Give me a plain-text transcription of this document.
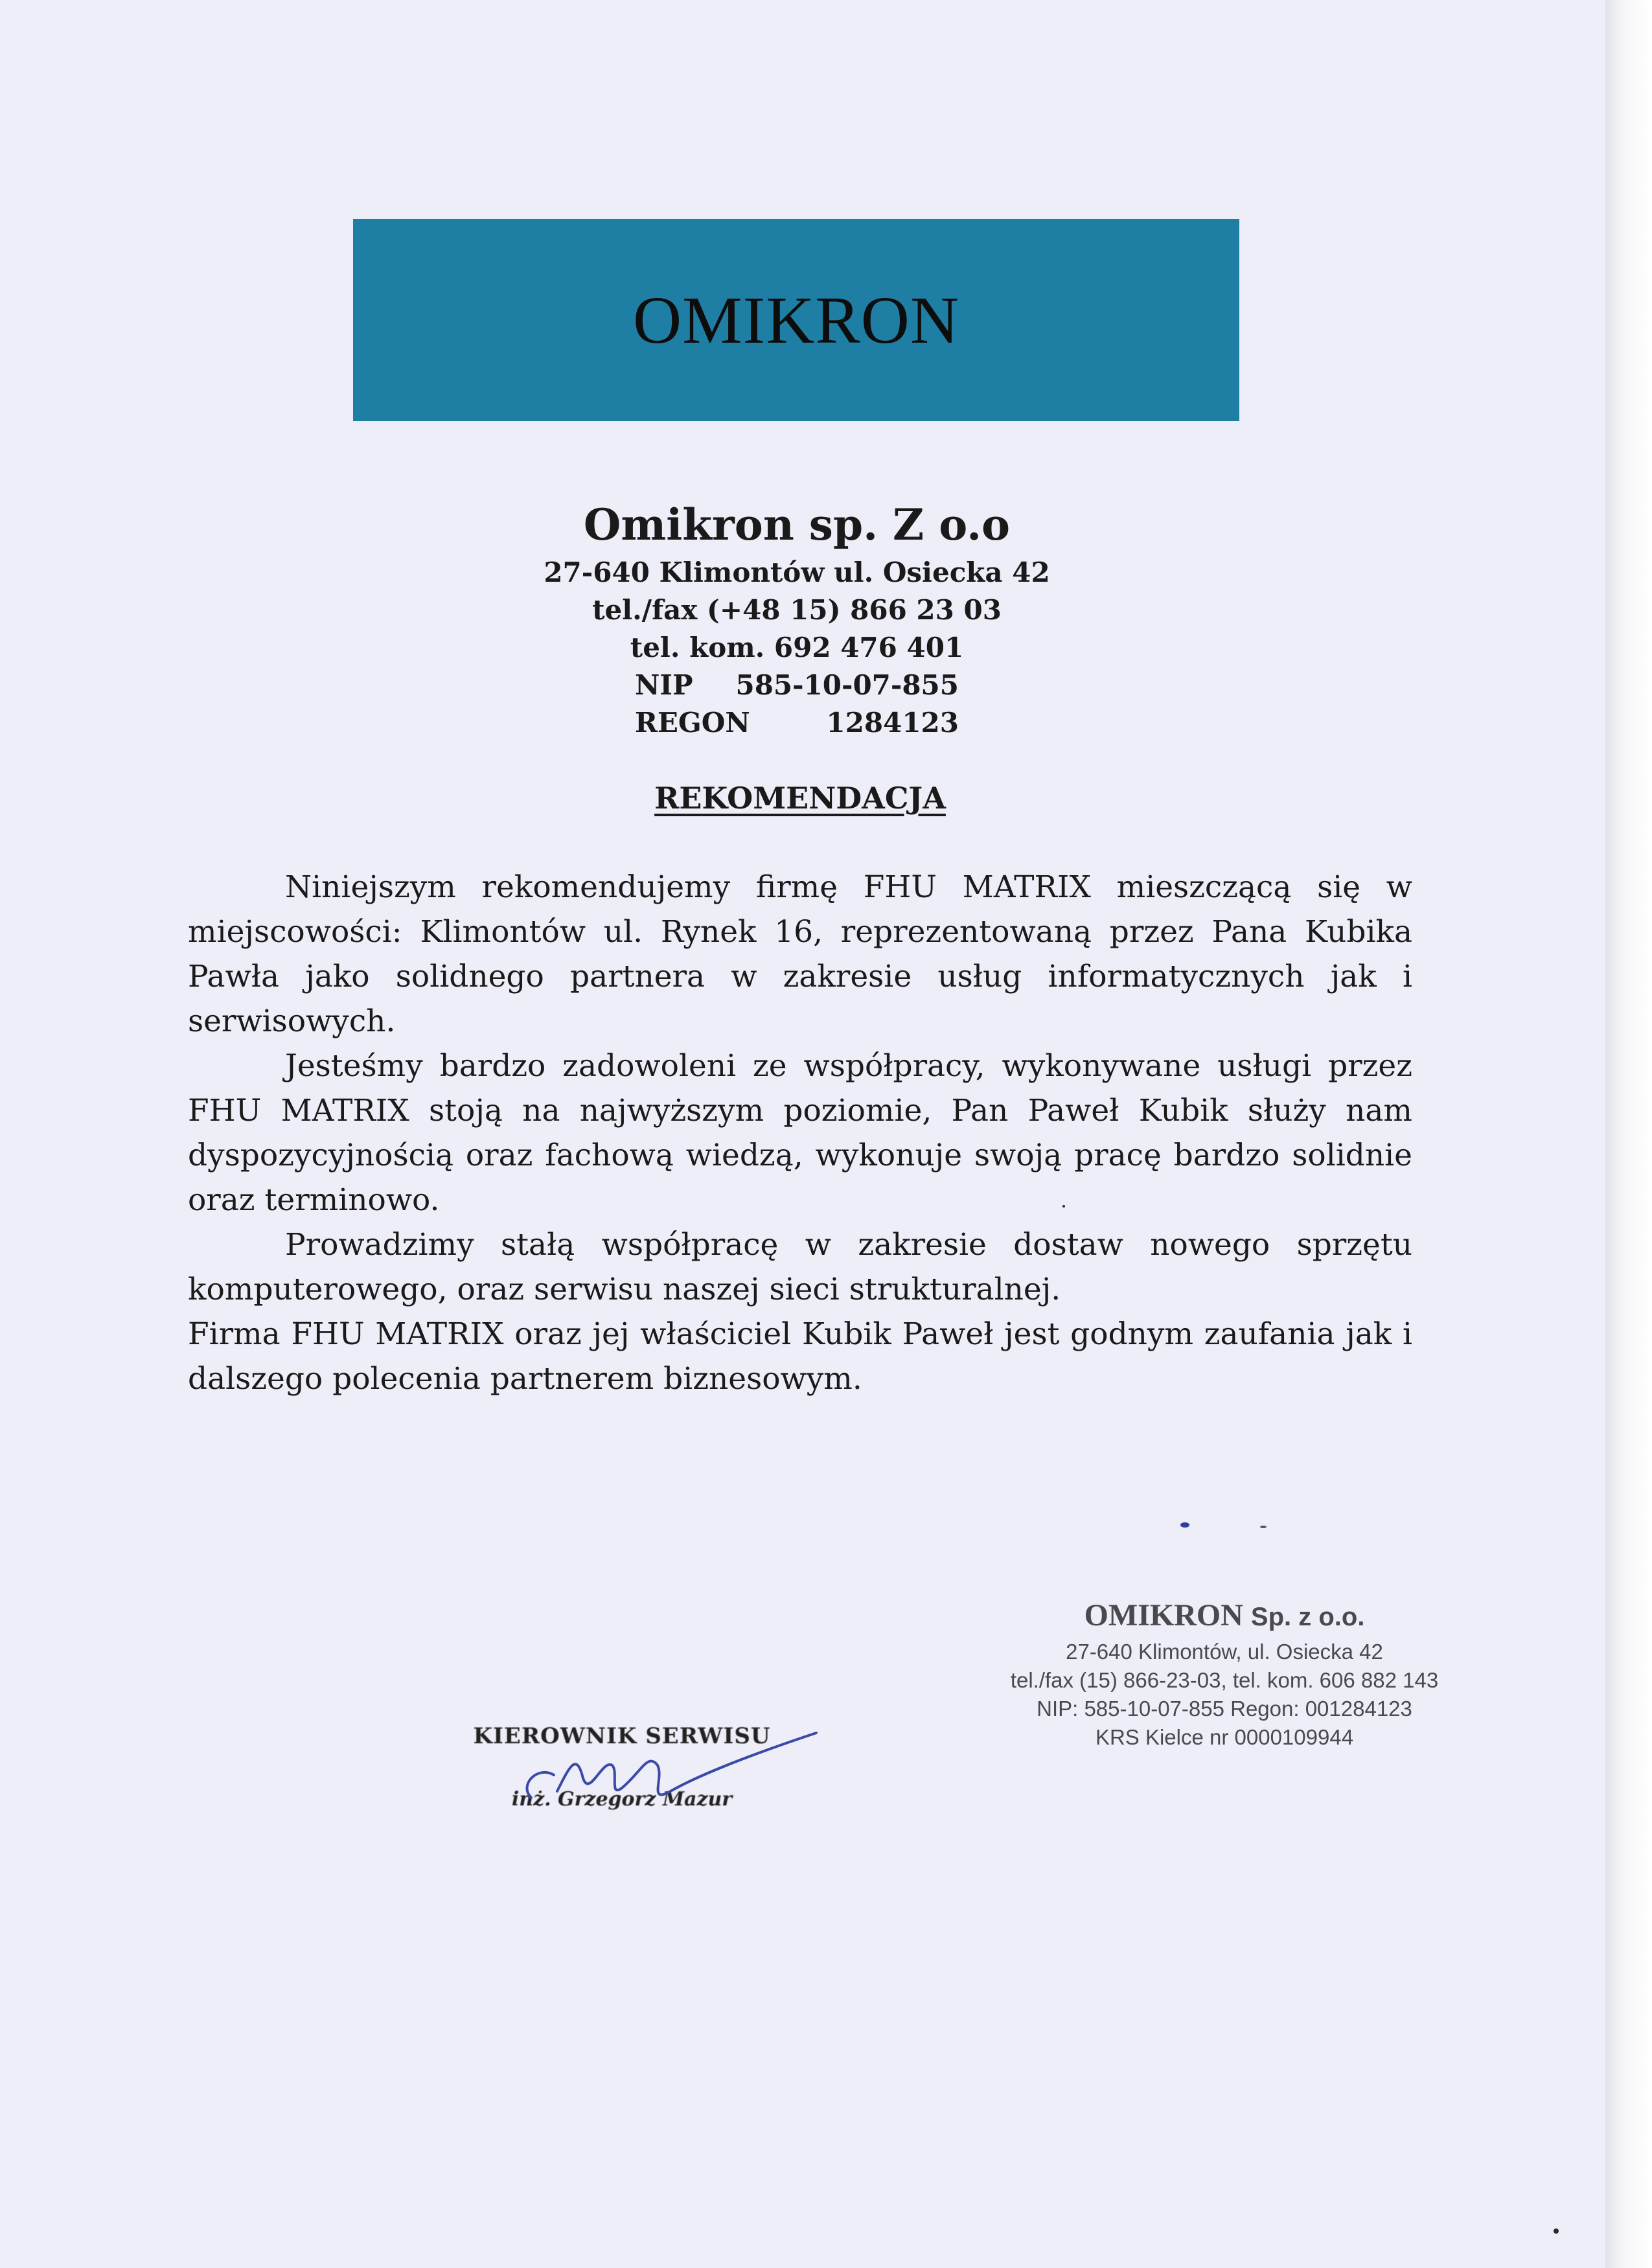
OMIKRON
Omikron sp. Z o.o
27-640 Klimontów ul. Osiecka 42
tel./fax (+48 15) 866 23 03
tel. kom. 692 476 401
NIP 585-10-07-855
REGON	1284123
REKOMENDACJA

Niniejszym rekomendujemy firmę FHU MATRIX mieszczącą się w miejscowości: Klimontów ul. Rynek 16, reprezentowaną przez Pana Kubika Pawła jako solidnego partnera w zakresie usług informatycznych jak i serwisowych.

Jesteśmy bardzo zadowoleni ze współpracy, wykonywane usługi przez FHU MATRIX stoją na najwyższym poziomie, Pan Paweł Kubik służy nam dyspozycyjnością oraz fachową wiedzą, wykonuje swoją pracę bardzo solidnie oraz terminowo.

Prowadzimy stałą współpracę w zakresie dostaw nowego sprzętu komputerowego, oraz serwisu naszej sieci strukturalnej.

Firma FHU MATRIX oraz jej właściciel Kubik Paweł jest godnym zaufania jak i dalszego polecenia partnerem biznesowym.

OMIKRON Sp. z o.o.
27-640 Klimontów, ul. Osiecka 42
tel./fax (15) 866-23-03, tel. kom. 606 882 143
NIP: 585-10-07-855 Regon: 001284123
KRS Kielce nr 0000109944
KIEROWNIK SERWISU
inż. Grzegorz Mazur
